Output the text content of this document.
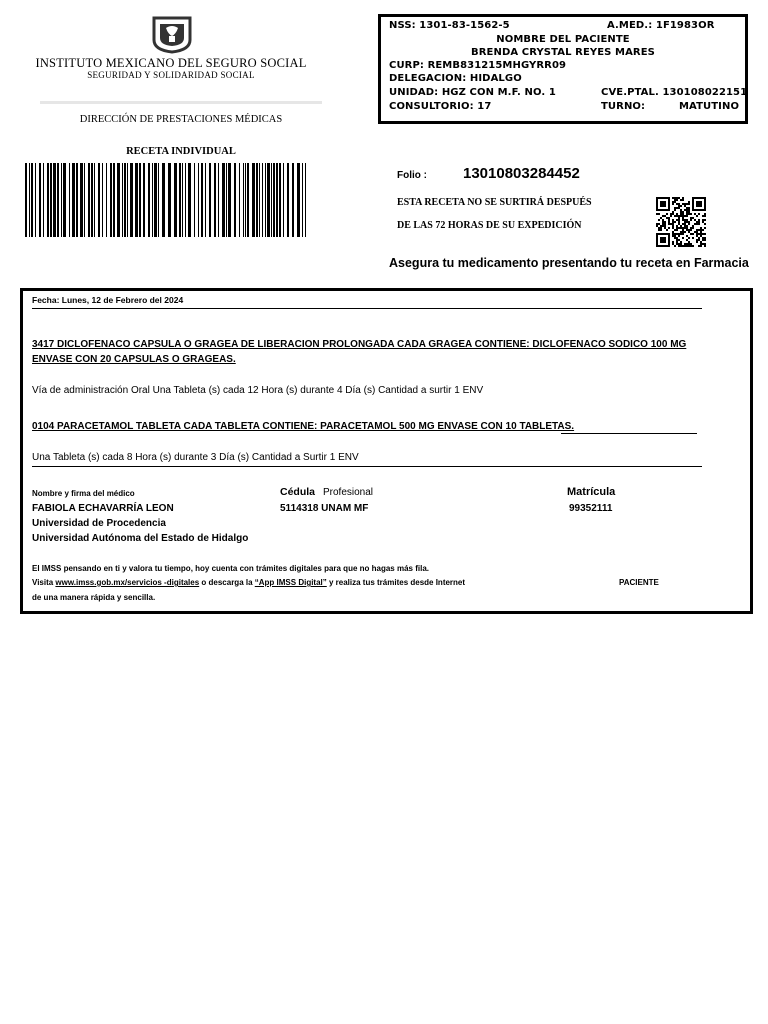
INSTITUTO MEXICANO DEL SEGURO SOCIAL
SEGURIDAD Y SOLIDARIDAD SOCIAL
DIRECCIÓN DE PRESTACIONES MÉDICAS
RECETA INDIVIDUAL
NSS: 1301-83-1562-5	A.MED.: 1F1983OR
NOMBRE DEL PACIENTE
BRENDA CRYSTAL REYES MARES
CURP: REMB831215MHGYRR09
DELEGACION: HIDALGO
UNIDAD: HGZ CON M.F. NO. 1	CVE.PTAL. 130108022151
CONSULTORIO: 17	TURNO:	MATUTINO
Folio : 13010803284452
ESTA RECETA NO SE SURTIRÁ DESPUÉS
DE LAS 72 HORAS DE SU EXPEDICIÓN
Asegura tu medicamento presentando tu receta en Farmacia
Fecha: Lunes, 12 de Febrero del 2024
3417 DICLOFENACO CAPSULA O GRAGEA DE LIBERACION PROLONGADA CADA GRAGEA CONTIENE: DICLOFENACO SODICO 100 MG
ENVASE CON 20 CAPSULAS O GRAGEAS.
Vía de administración Oral Una Tableta (s) cada 12 Hora (s) durante 4 Día (s) Cantidad a surtir 1 ENV
0104 PARACETAMOL TABLETA CADA TABLETA CONTIENE: PARACETAMOL 500 MG ENVASE CON 10 TABLETAS.
Una Tableta (s) cada 8 Hora (s) durante 3 Día (s) Cantidad a Surtir 1 ENV
Nombre y firma del médico	Cédula Profesional	Matrícula
FABIOLA ECHAVARRÍA LEON	5114318 UNAM MF	99352111
Universidad de Procedencia
Universidad Autónoma del Estado de Hidalgo
El IMSS pensando en ti y valora tu tiempo, hoy cuenta con trámites digitales para que no hagas más fila.
Visita www.imss.gob.mx/servicios -digitales o descarga la “App IMSS Digital” y realiza tus trámites desde Internet	PACIENTE
de una manera rápida y sencilla.
